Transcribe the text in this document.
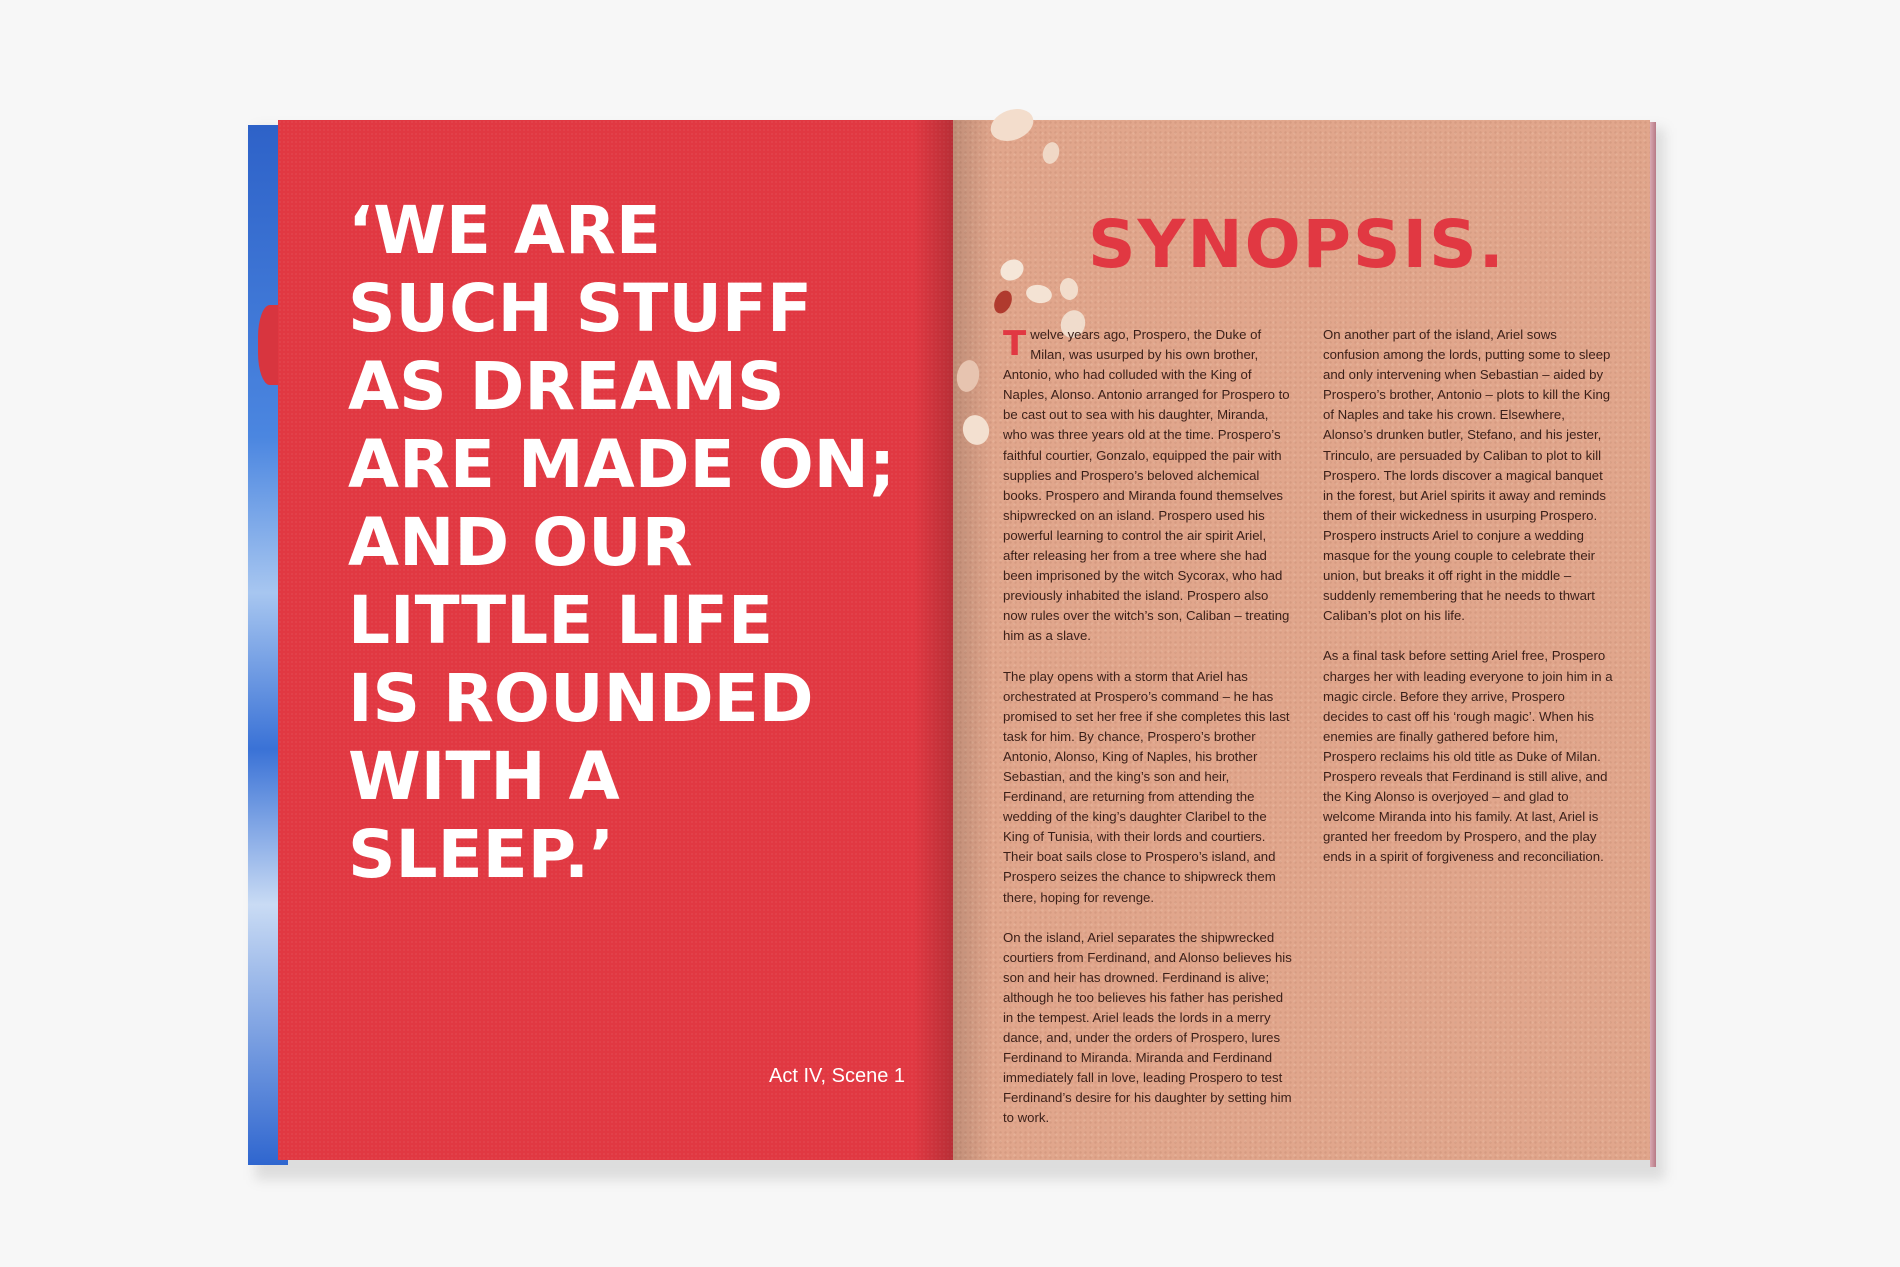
‘WE ARE
SUCH STUFF
AS DREAMS
ARE MADE ON;
AND OUR
LITTLE LIFE
IS ROUNDED
WITH A
SLEEP.’
Act IV, Scene 1
SYNOPSIS.

Twelve years ago, Prospero, the Duke of Milan, was usurped by his own brother, Antonio, who had colluded with the King of Naples, Alonso. Antonio arranged for Prospero to be cast out to sea with his daughter, Miranda, who was three years old at the time. Prospero’s faithful courtier, Gonzalo, equipped the pair with supplies and Prospero’s beloved alchemical books. Prospero and Miranda found themselves shipwrecked on an island. Prospero used his powerful learning to control the air spirit Ariel, after releasing her from a tree where she had been imprisoned by the witch Sycorax, who had previously inhabited the island. Prospero also now rules over the witch’s son, Caliban – treating him as a slave.

The play opens with a storm that Ariel has orchestrated at Prospero’s command – he has promised to set her free if she completes this last task for him. By chance, Prospero’s brother Antonio, Alonso, King of Naples, his brother Sebastian, and the king’s son and heir, Ferdinand, are returning from attending the wedding of the king’s daughter Claribel to the King of Tunisia, with their lords and courtiers. Their boat sails close to Prospero’s island, and Prospero seizes the chance to shipwreck them there, hoping for revenge.

On the island, Ariel separates the shipwrecked courtiers from Ferdinand, and Alonso believes his son and heir has drowned. Ferdinand is alive; although he too believes his father has perished in the tempest. Ariel leads the lords in a merry dance, and, under the orders of Prospero, lures Ferdinand to Miranda. Miranda and Ferdinand immediately fall in love, leading Prospero to test Ferdinand’s desire for his daughter by setting him to work.

On another part of the island, Ariel sows confusion among the lords, putting some to sleep and only intervening when Sebastian – aided by Prospero’s brother, Antonio – plots to kill the King of Naples and take his crown. Elsewhere, Alonso’s drunken butler, Stefano, and his jester, Trinculo, are persuaded by Caliban to plot to kill Prospero. The lords discover a magical banquet in the forest, but Ariel spirits it away and reminds them of their wickedness in usurping Prospero. Prospero instructs Ariel to conjure a wedding masque for the young couple to celebrate their union, but breaks it off right in the middle – suddenly remembering that he needs to thwart Caliban’s plot on his life.

As a final task before setting Ariel free, Prospero charges her with leading everyone to join him in a magic circle. Before they arrive, Prospero decides to cast off his ‘rough magic’. When his enemies are finally gathered before him, Prospero reclaims his old title as Duke of Milan. Prospero reveals that Ferdinand is still alive, and the King Alonso is overjoyed – and glad to welcome Miranda into his family. At last, Ariel is granted her freedom by Prospero, and the play ends in a spirit of forgiveness and reconciliation.
